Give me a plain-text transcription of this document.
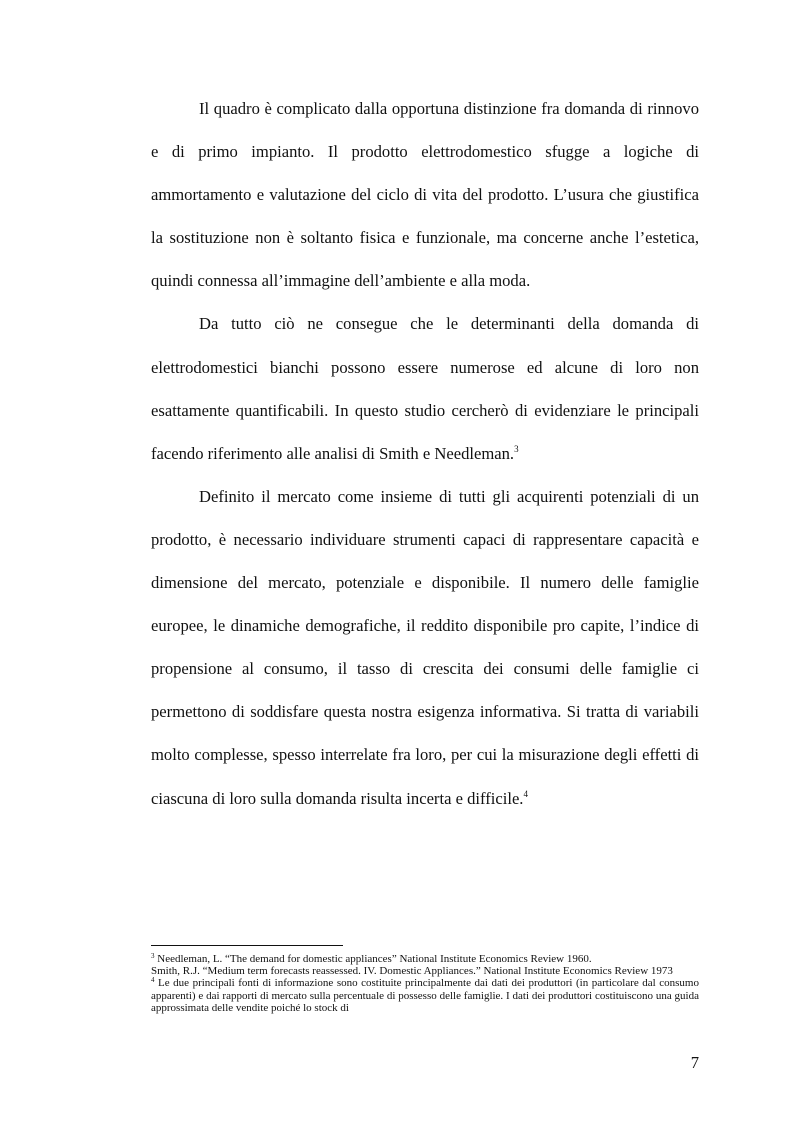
Il quadro è complicato dalla opportuna distinzione fra domanda di rinnovo e di primo impianto. Il prodotto elettrodomestico sfugge a logiche di ammortamento e valutazione del ciclo di vita del prodotto. L’usura che giustifica la sostituzione non è soltanto fisica e funzionale, ma concerne anche l’estetica, quindi connessa all’immagine dell’ambiente e alla moda.

Da tutto ciò ne consegue che le determinanti della domanda di elettrodomestici bianchi possono essere numerose ed alcune di loro non esattamente quantificabili. In questo studio cercherò di evidenziare le principali facendo riferimento alle analisi di Smith e Needleman.$^3$

Definito il mercato come insieme di tutti gli acquirenti potenziali di un prodotto, è necessario individuare strumenti capaci di rappresentare capacità e dimensione del mercato, potenziale e disponibile. Il numero delle famiglie europee, le dinamiche demografiche, il reddito disponibile pro capite, l’indice di propensione al consumo, il tasso di crescita dei consumi delle famiglie ci permettono di soddisfare questa nostra esigenza informativa. Si tratta di variabili molto complesse, spesso interrelate fra loro, per cui la misurazione degli effetti di ciascuna di loro sulla domanda risulta incerta e difficile.$^4$

$^3$ Needleman, L. “The demand for domestic appliances” National Institute Economics Review 1960.

Smith, R.J. “Medium term forecasts reassessed. IV. Domestic Appliances.” National Institute Economics Review 1973

$^4$ Le due principali fonti di informazione sono costituite principalmente dai dati dei produttori (in particolare dal consumo apparenti) e dai rapporti di mercato sulla percentuale di possesso delle famiglie. I dati dei produttori costituiscono una guida approssimata delle vendite poiché lo stock di

7
